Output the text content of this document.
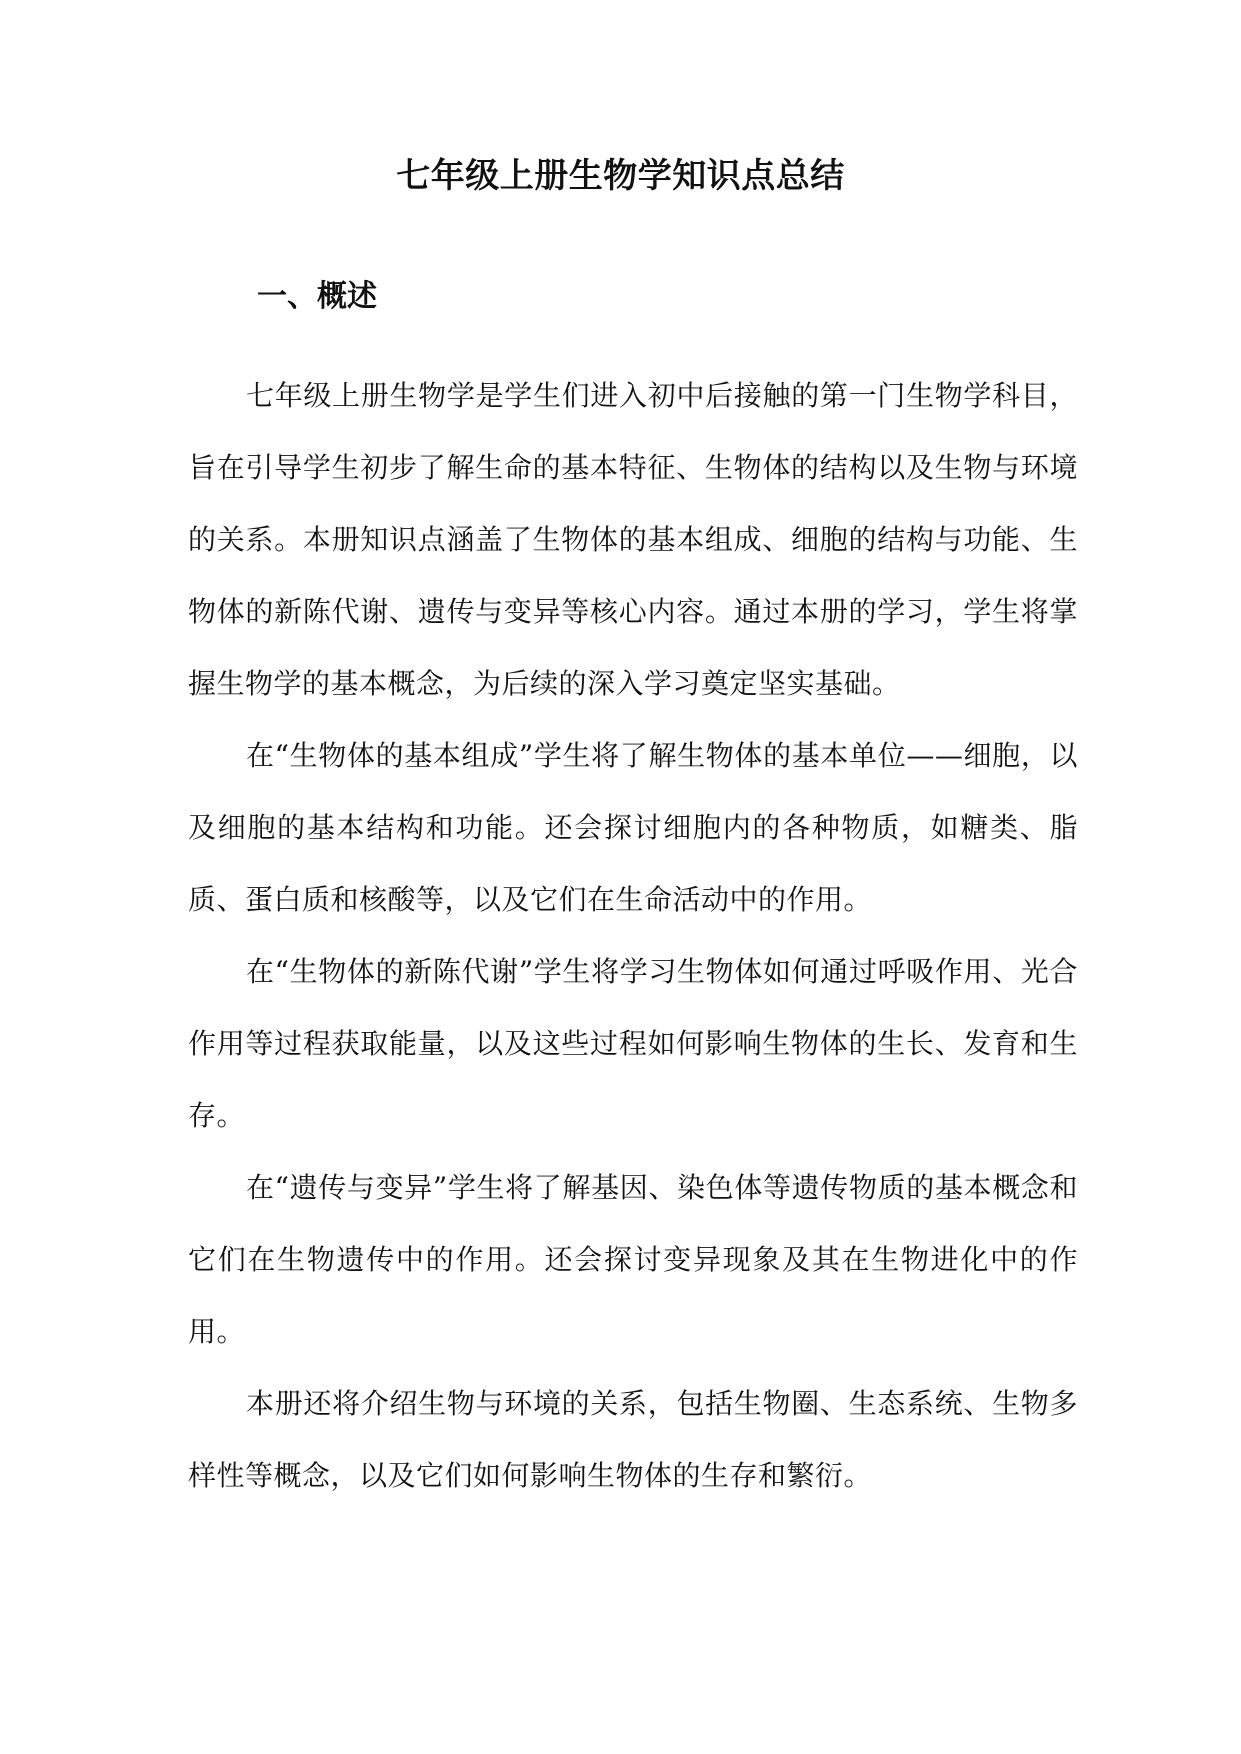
七年级上册生物学知识点总结
一、概述

七年级上册生物学是学生们进入初中后接触的第一门生物学科目，旨在引导学生初步了解生命的基本特征、生物体的结构以及生物与环境的关系。本册知识点涵盖了生物体的基本组成、细胞的结构与功能、生物体的新陈代谢、遗传与变异等核心内容。通过本册的学习，学生将掌握生物学的基本概念，为后续的深入学习奠定坚实基础。

在“生物体的基本组成”学生将了解生物体的基本单位——细胞，以及细胞的基本结构和功能。还会探讨细胞内的各种物质，如糖类、脂质、蛋白质和核酸等，以及它们在生命活动中的作用。

在“生物体的新陈代谢”学生将学习生物体如何通过呼吸作用、光合作用等过程获取能量，以及这些过程如何影响生物体的生长、发育和生存。

在“遗传与变异”学生将了解基因、染色体等遗传物质的基本概念和它们在生物遗传中的作用。还会探讨变异现象及其在生物进化中的作用。

本册还将介绍生物与环境的关系，包括生物圈、生态系统、生物多样性等概念，以及它们如何影响生物体的生存和繁衍。
